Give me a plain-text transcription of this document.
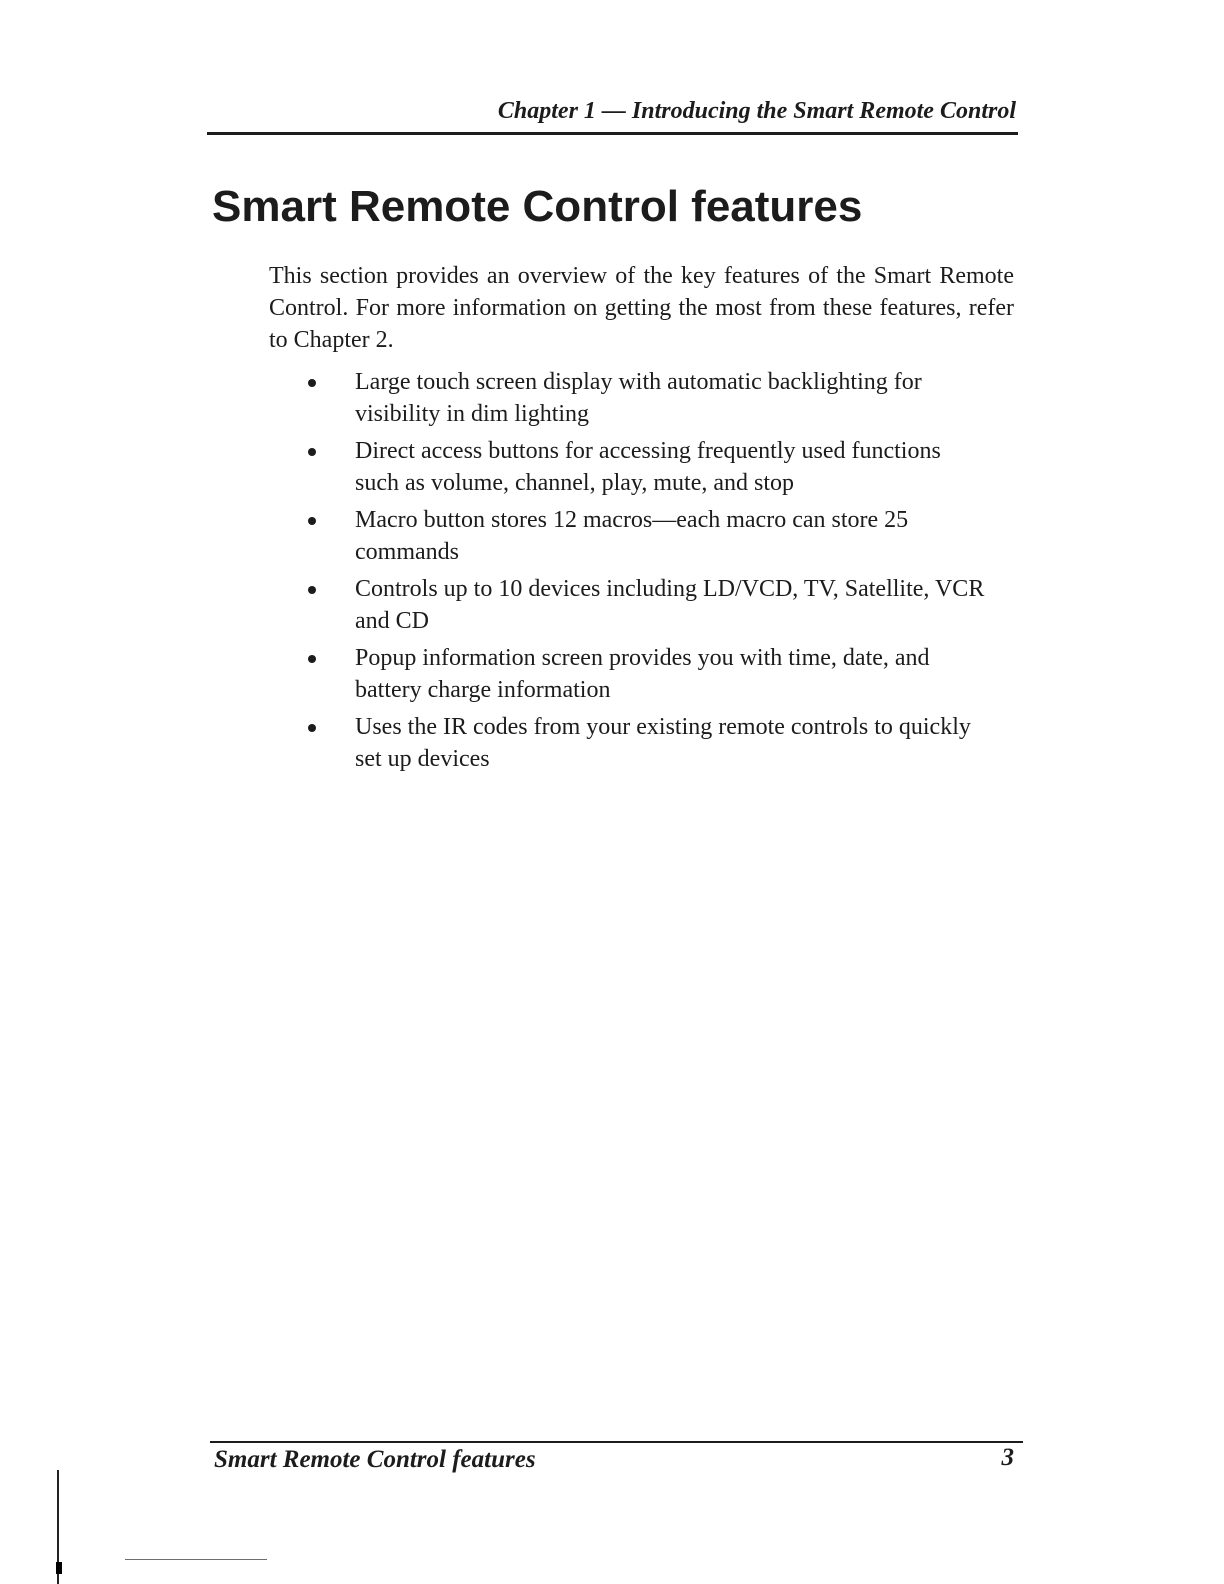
Chapter 1 — Introducing the Smart Remote Control
Smart Remote Control features

This section provides an overview of the key features of the Smart Remote Control. For more information on getting the most from these features, refer to Chapter 2.

Large touch screen display with automatic backlighting for visibility in dim lighting
Direct access buttons for accessing frequently used functions such as volume, channel, play, mute, and stop
Macro button stores 12 macros—each macro can store 25 commands
Controls up to 10 devices including LD/VCD, TV, Satellite, VCR and CD
Popup information screen provides you with time, date, and battery charge information
Uses the IR codes from your existing remote controls to quickly set up devices
Smart Remote Control features	3
